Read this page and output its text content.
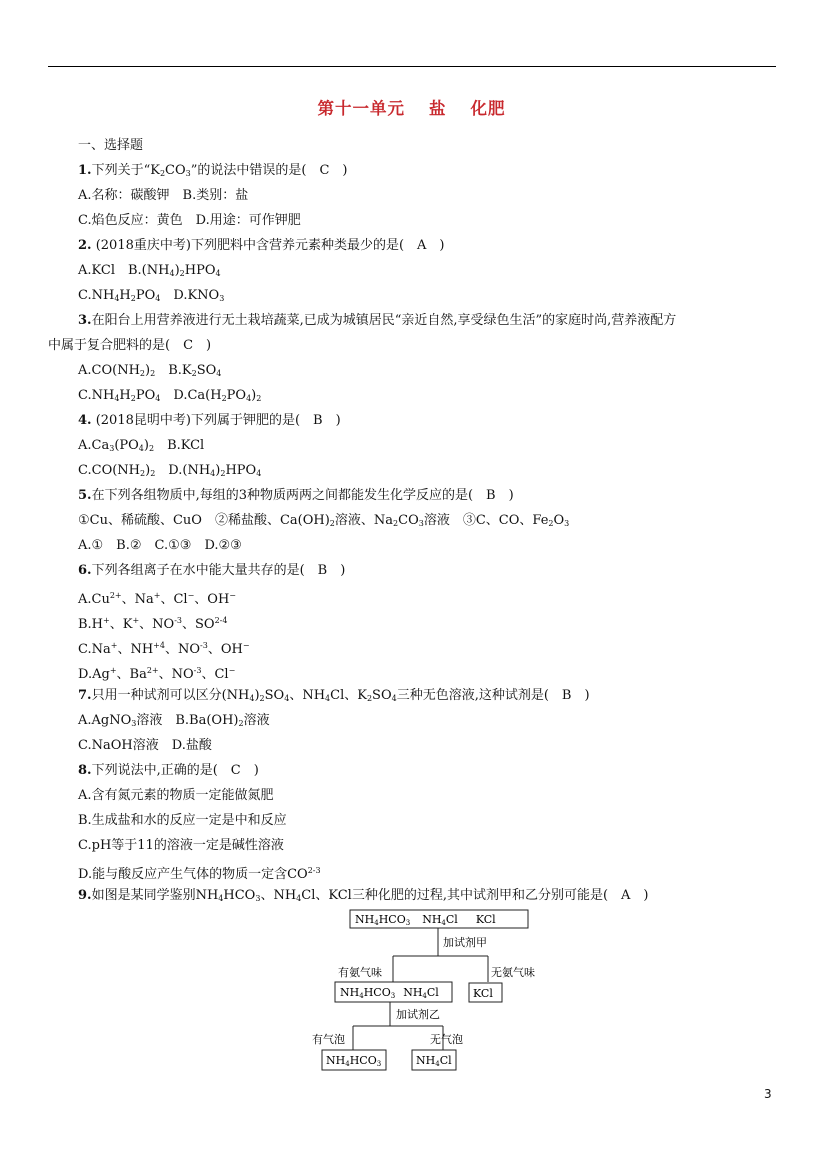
第十一单元 盐 化肥
一、选择题
1.下列关于“$K_2CO_3$”的说法中错误的是(　C　)
A.名称：碳酸钾　B.类别：盐
C.焰色反应：黄色　D.用途：可作钾肥
2. (2018重庆中考)下列肥料中含营养元素种类最少的是(　A　)
A.KCl　$B.(NH_4)_2HPO_4$
$C.NH_4H_2PO_4$　$D.KNO_3$
3.在阳台上用营养液进行无土栽培蔬菜,已成为城镇居民“亲近自然,享受绿色生活”的家庭时尚,营养液配方
中属于复合肥料的是(　C　)
$A.CO(NH_2)_2$　$B.K_2SO_4$
$C.NH_4H_2PO_4$　$D.Ca(H_2PO_4)_2$
4. (2018昆明中考)下列属于钾肥的是(　B　)
$A.Ca_3(PO_4)_2$　B.KCl
$C.CO(NH_2)_2$　$D.(NH_4)_2HPO_4$
5.在下列各组物质中,每组的3种物质两两之间都能发生化学反应的是(　B　)
①Cu、稀硫酸、CuO　②稀盐酸、$Ca(OH)_2$溶液、$Na_2CO_3$溶液　③C、CO、$Fe_2O_3$
A.①　B.②　C.①③　D.②③
6.下列各组离子在水中能大量共存的是(　B　)
$A.Cu^{2+}$、Na+、Cl−、OH−
B.H+、K+、$NO^{-3}$、SO$^{2-4}$
C.Na+、$NH^{+4}$、$NO^{-3}$、OH−
D.Ag+、$Ba^{2+}$、$NO^{-3}$、Cl−
7.只用一种试剂可以区分$(NH_4)_2SO_4$、$NH_4Cl$、$K_2SO_4$三种无色溶液,这种试剂是(　B　)
A.AgNO$_3$溶液　$B.Ba(OH)_2$溶液
C.NaOH溶液　D.盐酸
8.下列说法中,正确的是(　C　)
A.含有氮元素的物质一定能做氮肥
B.生成盐和水的反应一定是中和反应
C.pH等于11的溶液一定是碱性溶液
D.能与酸反应产生气体的物质一定含CO$^{2-3}$
9.如图是某同学鉴别$NH_4HCO_3$、$NH_4Cl$、KCl三种化肥的过程,其中试剂甲和乙分别可能是(　A　)
NH4HCO3 NH4Cl KCl
加试剂甲
有氨气味	无氨气味
NH4HCO3 NH4Cl	KCl
加试剂乙
有气泡	无气泡
NH4HCO3	NH4Cl
3
